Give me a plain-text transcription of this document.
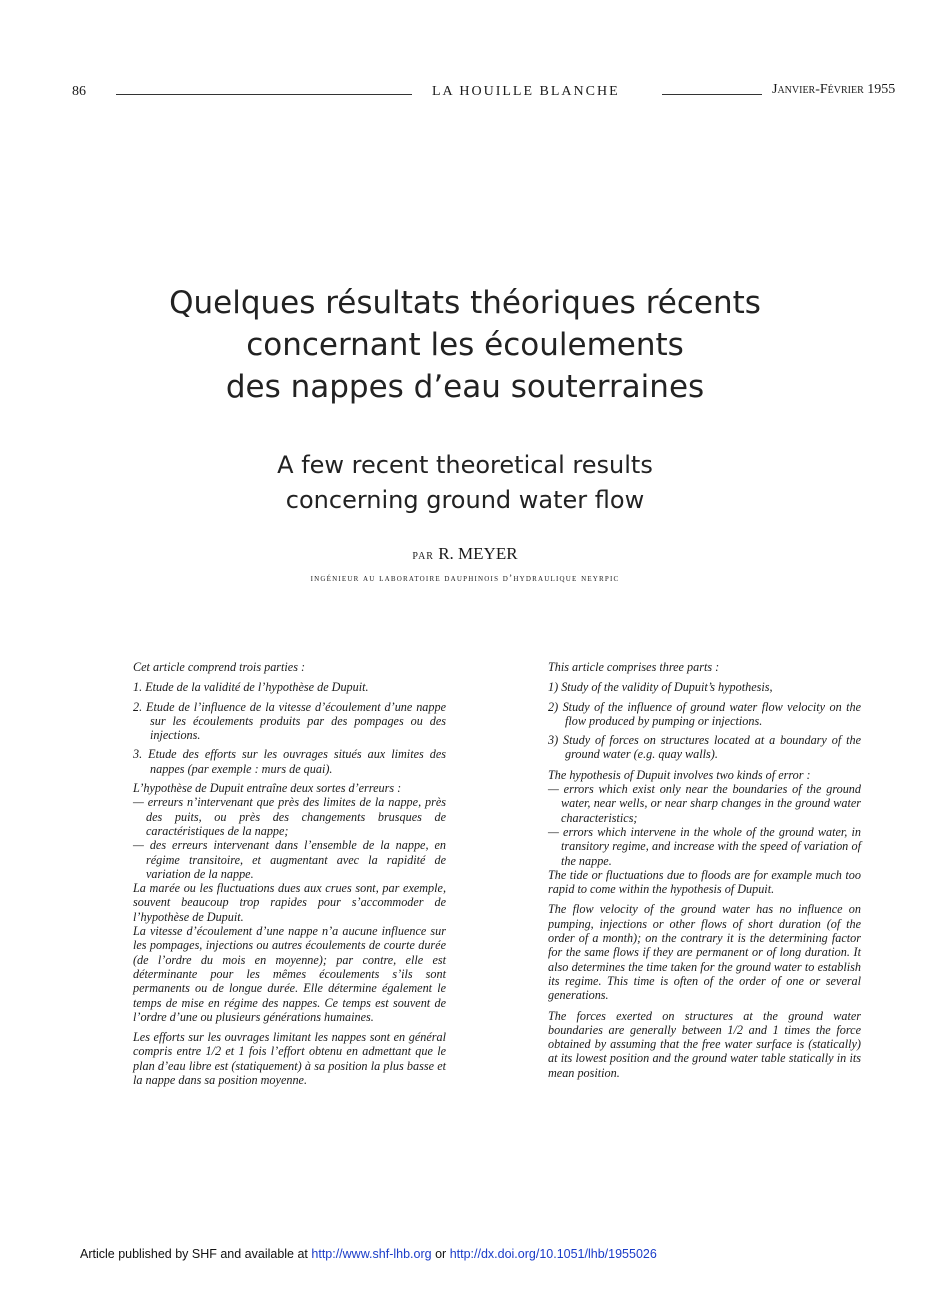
86	LA HOUILLE BLANCHE	Janvier-Février 1955
Quelques résultats théoriques récents
concernant les écoulements
des nappes d’eau souterraines
A few recent theoretical results
concerning ground water flow
par R. MEYER
ingénieur au laboratoire dauphinois d’hydraulique neyrpic

Cet article comprend trois parties :

1. Etude de la validité de l’hypothèse de Dupuit.

2. Etude de l’influence de la vitesse d’écoulement d’une nappe sur les écoulements produits par des pompages ou des injections.

3. Etude des efforts sur les ouvrages situés aux limites des nappes (par exemple : murs de quai).

L’hypothèse de Dupuit entraîne deux sortes d’erreurs :

— erreurs n’intervenant que près des limites de la nappe, près des puits, ou près des changements brusques de caractéristiques de la nappe;

— des erreurs intervenant dans l’ensemble de la nappe, en régime transitoire, et augmentant avec la rapidité de variation de la nappe.

La marée ou les fluctuations dues aux crues sont, par exemple, souvent beaucoup trop rapides pour s’accommoder de l’hypothèse de Dupuit.

La vitesse d’écoulement d’une nappe n’a aucune influence sur les pompages, injections ou autres écoulements de courte durée (de l’ordre du mois en moyenne); par contre, elle est déterminante pour les mêmes écoulements s’ils sont permanents ou de longue durée. Elle détermine également le temps de mise en régime des nappes. Ce temps est souvent de l’ordre d’une ou plusieurs générations humaines.

Les efforts sur les ouvrages limitant les nappes sont en général compris entre 1/2 et 1 fois l’effort obtenu en admettant que le plan d’eau libre est (statiquement) à sa position la plus basse et la nappe dans sa position moyenne.

This article comprises three parts :

1) Study of the validity of Dupuit’s hypothesis,

2) Study of the influence of ground water flow velocity on the flow produced by pumping or injections.

3) Study of forces on structures located at a boundary of the ground water (e.g. quay walls).

The hypothesis of Dupuit involves two kinds of error :

— errors which exist only near the boundaries of the ground water, near wells, or near sharp changes in the ground water characteristics;

— errors which intervene in the whole of the ground water, in transitory regime, and increase with the speed of variation of the nappe.

The tide or fluctuations due to floods are for example much too rapid to come within the hypothesis of Dupuit.

The flow velocity of the ground water has no influence on pumping, injections or other flows of short duration (of the order of a month); on the contrary it is the determining factor for the same flows if they are permanent or of long duration. It also determines the time taken for the ground water to establish its regime. This time is often of the order of one or several generations.

The forces exerted on structures at the ground water boundaries are generally between 1/2 and 1 times the force obtained by assuming that the free water surface is (statically) at its lowest position and the ground water table statically in its mean position.

Article published by SHF and available at http://www.shf-lhb.org or http://dx.doi.org/10.1051/lhb/1955026
